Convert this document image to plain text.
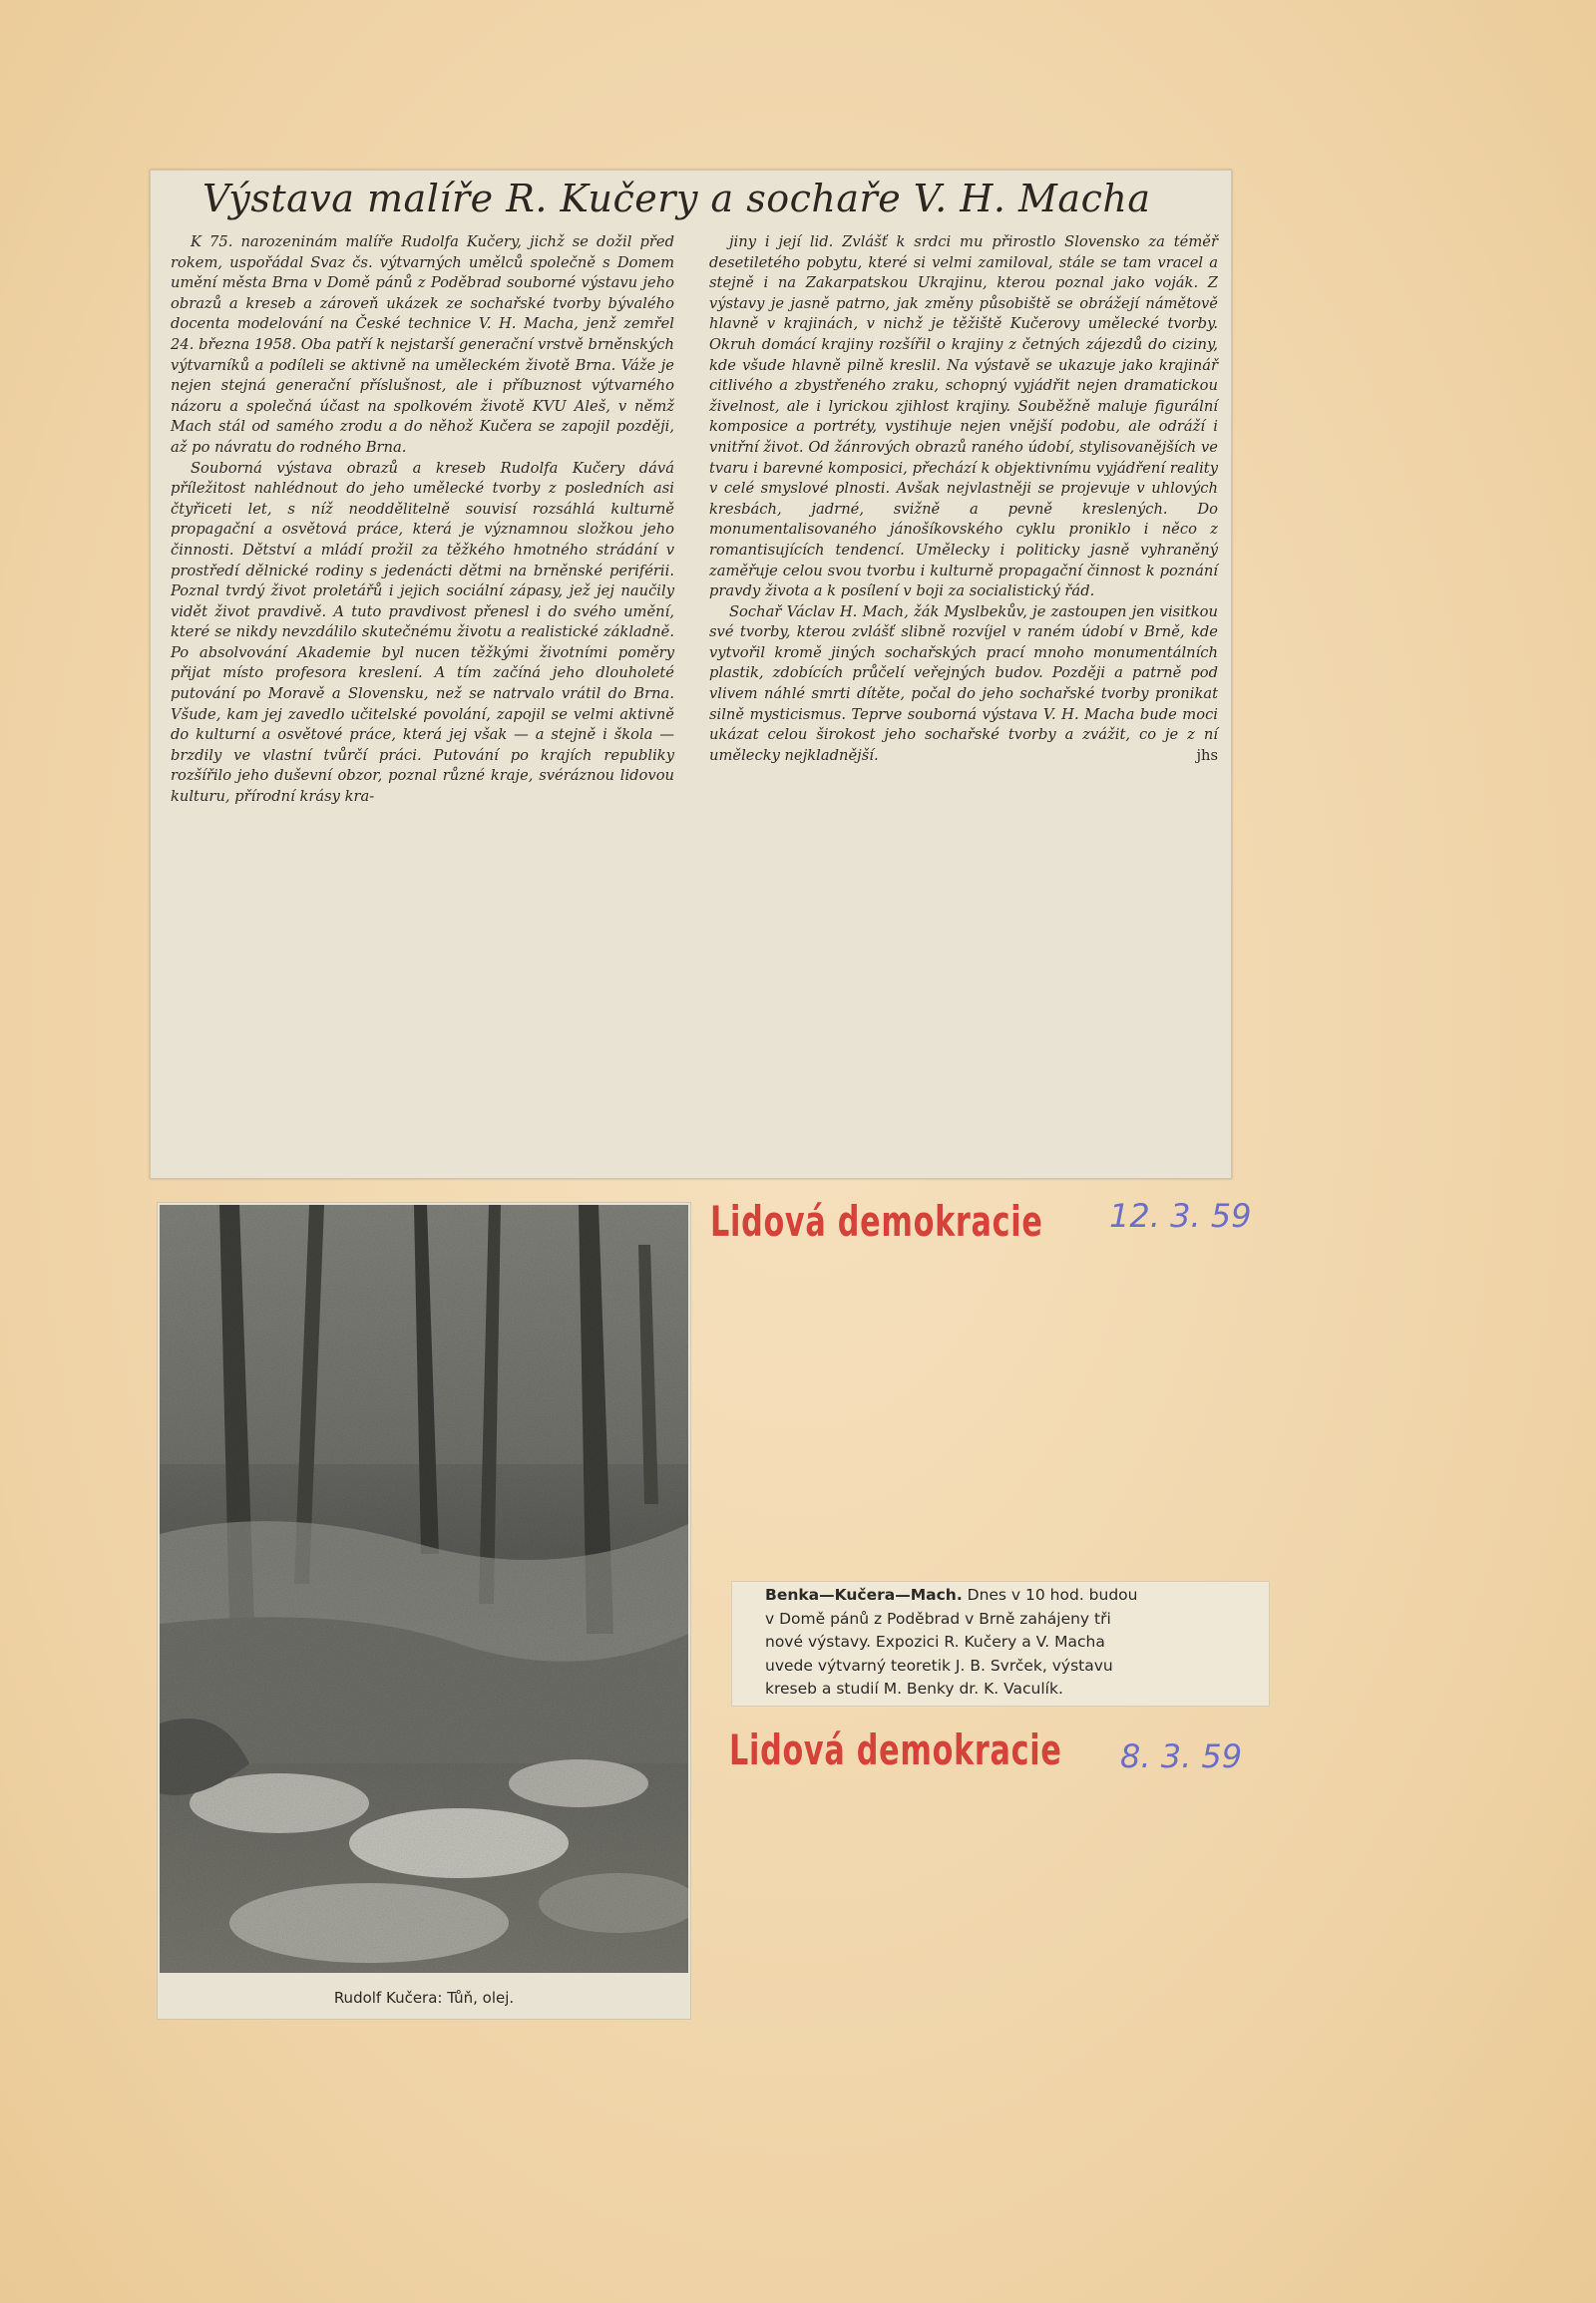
Výstava malíře R. Kučery a sochaře V. H. Macha

K 75. narozeninám malíře Rudolfa Kučery, jichž se dožil před rokem, uspořádal Svaz čs. výtvarných umělců společně s Domem umění města Brna v Domě pánů z Poděbrad souborné výstavu jeho obrazů a kreseb a zároveň ukázek ze sochařské tvorby bývalého docenta modelování na České technice V. H. Macha, jenž zemřel 24. března 1958. Oba patří k nejstarší generační vrstvě brněnských výtvarníků a podíleli se aktivně na uměleckém životě Brna. Váže je nejen stejná generační příslušnost, ale i příbuznost výtvarného názoru a společná účast na spolkovém životě KVU Aleš, v němž Mach stál od samého zrodu a do něhož Kučera se zapojil později, až po návratu do rodného Brna.

Souborná výstava obrazů a kreseb Rudolfa Kučery dává příležitost nahlédnout do jeho umělecké tvorby z posledních asi čtyřiceti let, s níž neoddělitelně souvisí rozsáhlá kulturně propagační a osvětová práce, která je významnou složkou jeho činnosti. Dětství a mládí prožil za těžkého hmotného strádání v prostředí dělnické rodiny s jedenácti dětmi na brněnské periférii. Poznal tvrdý život proletářů i jejich sociální zápasy, jež jej naučily vidět život pravdivě. A tuto pravdivost přenesl i do svého umění, které se nikdy nevzdálilo skutečnému životu a realistické základně. Po absolvování Akademie byl nucen těžkými životními poměry přijat místo profesora kreslení. A tím začíná jeho dlouholeté putování po Moravě a Slovensku, než se natrvalo vrátil do Brna. Všude, kam jej zavedlo učitelské povolání, zapojil se velmi aktivně do kulturní a osvětové práce, která jej však — a stejně i škola — brzdily ve vlastní tvůrčí práci. Putování po krajích republiky rozšířilo jeho duševní obzor, poznal různé kraje, svéráznou lidovou kulturu, přírodní krásy kra-

jiny i její lid. Zvlášť k srdci mu přirostlo Slovensko za téměř desetiletého pobytu, které si velmi zamiloval, stále se tam vracel a stejně i na Zakarpatskou Ukrajinu, kterou poznal jako voják. Z výstavy je jasně patrno, jak změny působiště se obrážejí námětově hlavně v krajinách, v nichž je těžiště Kučerovy umělecké tvorby. Okruh domácí krajiny rozšířil o krajiny z četných zájezdů do ciziny, kde všude hlavně pilně kreslil. Na výstavě se ukazuje jako krajinář citlivého a zbystřeného zraku, schopný vyjádřit nejen dramatickou živelnost, ale i lyrickou zjihlost krajiny. Souběžně maluje figurální komposice a portréty, vystihuje nejen vnější podobu, ale odráží i vnitřní život. Od žánrových obrazů raného údobí, stylisovanějších ve tvaru i barevné komposici, přechází k objektivnímu vyjádření reality v celé smyslové plnosti. Avšak nejvlastněji se projevuje v uhlových kresbách, jadrné, svižně a pevně kreslených. Do monumentalisovaného jánošíkovského cyklu proniklo i něco z romantisujících tendencí. Umělecky i politicky jasně vyhraněný zaměřuje celou svou tvorbu i kulturně propagační činnost k poznání pravdy života a k posílení v boji za socialistický řád.

Sochař Václav H. Mach, žák Myslbekův, je zastoupen jen visitkou své tvorby, kterou zvlášť slibně rozvíjel v raném údobí v Brně, kde vytvořil kromě jiných sochařských prací mnoho monumentálních plastik, zdobících průčelí veřejných budov. Později a patrně pod vlivem náhlé smrti dítěte, počal do jeho sochařské tvorby pronikat silně mysticismus. Teprve souborná výstava V. H. Macha bude moci ukázat celou širokost jeho sochařské tvorby a zvážit, co je z ní umělecky nejkladnější.	jhs

Rudolf Kučera: Tůň, olej.
Lidová demokracie 12. 3. 59
Benka—Kučera—Mach. Dnes v 10 hod. budou
v Domě pánů z Poděbrad v Brně zahájeny tři
nové výstavy. Expozici R. Kučery a V. Macha
uvede výtvarný teoretik J. B. Svrček, výstavu
kreseb a studií M. Benky dr. K. Vaculík.
Lidová demokracie 8. 3. 59
